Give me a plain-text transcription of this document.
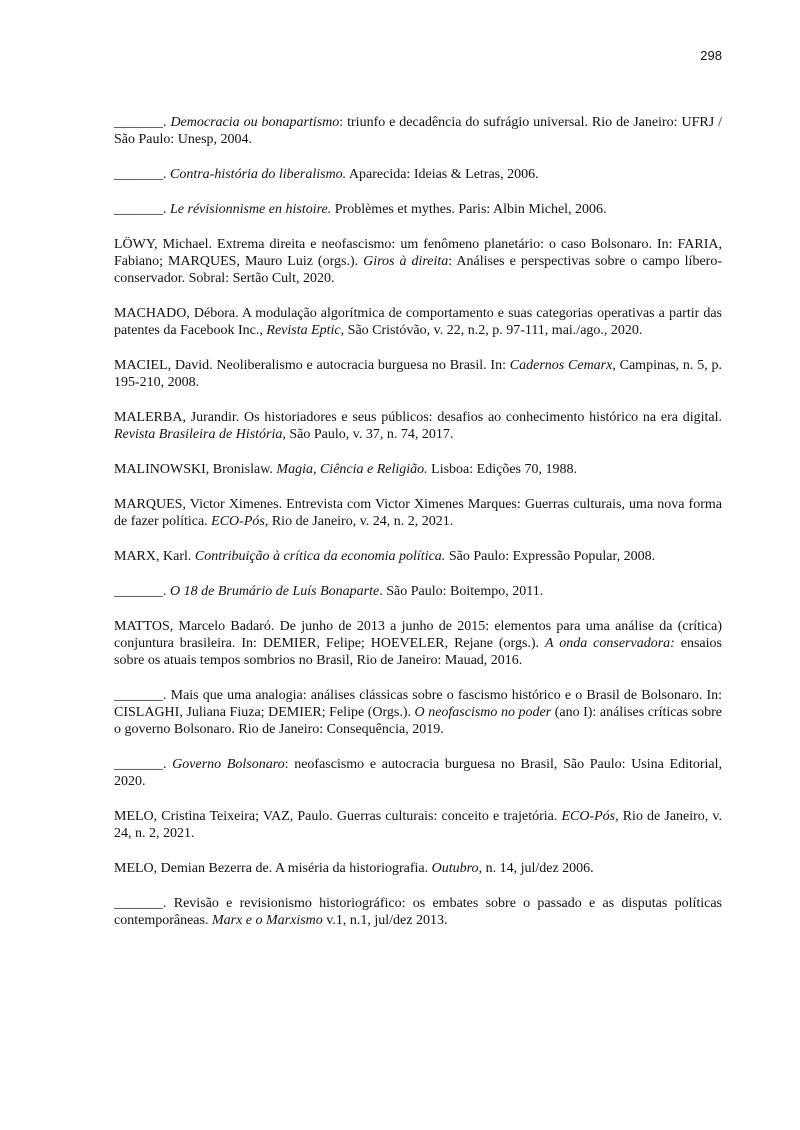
298

_______. Democracia ou bonapartismo: triunfo e decadência do sufrágio universal. Rio de Janeiro: UFRJ / São Paulo: Unesp, 2004.

_______. Contra-história do liberalismo. Aparecida: Ideias & Letras, 2006.

_______. Le révisionnisme en histoire. Problèmes et mythes. Paris: Albin Michel, 2006.

LÖWY, Michael. Extrema direita e neofascismo: um fenômeno planetário: o caso Bolsonaro. In: FARIA, Fabiano; MARQUES, Mauro Luiz (orgs.). Giros à direita: Análises e perspectivas sobre o campo líbero-conservador. Sobral: Sertão Cult, 2020.

MACHADO, Débora. A modulação algorítmica de comportamento e suas categorias operativas a partir das patentes da Facebook Inc., Revista Eptic, São Cristóvão, v. 22, n.2, p. 97-111, mai./ago., 2020.

MACIEL, David. Neoliberalismo e autocracia burguesa no Brasil. In: Cadernos Cemarx, Campinas, n. 5, p. 195-210, 2008.

MALERBA, Jurandir. Os historiadores e seus públicos: desafios ao conhecimento histórico na era digital. Revista Brasileira de História, São Paulo, v. 37, n. 74, 2017.

MALINOWSKI, Bronislaw. Magia, Ciência e Religião. Lisboa: Edições 70, 1988.

MARQUES, Victor Ximenes. Entrevista com Victor Ximenes Marques: Guerras culturais, uma nova forma de fazer política. ECO-Pós, Rio de Janeiro, v. 24, n. 2, 2021.

MARX, Karl. Contribuição à crítica da economia política. São Paulo: Expressão Popular, 2008.

_______. O 18 de Brumário de Luís Bonaparte. São Paulo: Boitempo, 2011.

MATTOS, Marcelo Badaró. De junho de 2013 a junho de 2015: elementos para uma análise da (crítica) conjuntura brasileira. In: DEMIER, Felipe; HOEVELER, Rejane (orgs.). A onda conservadora: ensaios sobre os atuais tempos sombrios no Brasil, Rio de Janeiro: Mauad, 2016.

_______. Mais que uma analogia: análises clássicas sobre o fascismo histórico e o Brasil de Bolsonaro. In: CISLAGHI, Juliana Fiuza; DEMIER; Felipe (Orgs.). O neofascismo no poder (ano I): análises críticas sobre o governo Bolsonaro. Rio de Janeiro: Consequência, 2019.

_______. Governo Bolsonaro: neofascismo e autocracia burguesa no Brasil, São Paulo: Usina Editorial, 2020.

MELO, Cristina Teixeira; VAZ, Paulo. Guerras culturais: conceito e trajetória. ECO-Pós, Rio de Janeiro, v. 24, n. 2, 2021.

MELO, Demian Bezerra de. A miséria da historiografia. Outubro, n. 14, jul/dez 2006.

_______. Revisão e revisionismo historiográfico: os embates sobre o passado e as disputas políticas contemporâneas. Marx e o Marxismo v.1, n.1, jul/dez 2013.
